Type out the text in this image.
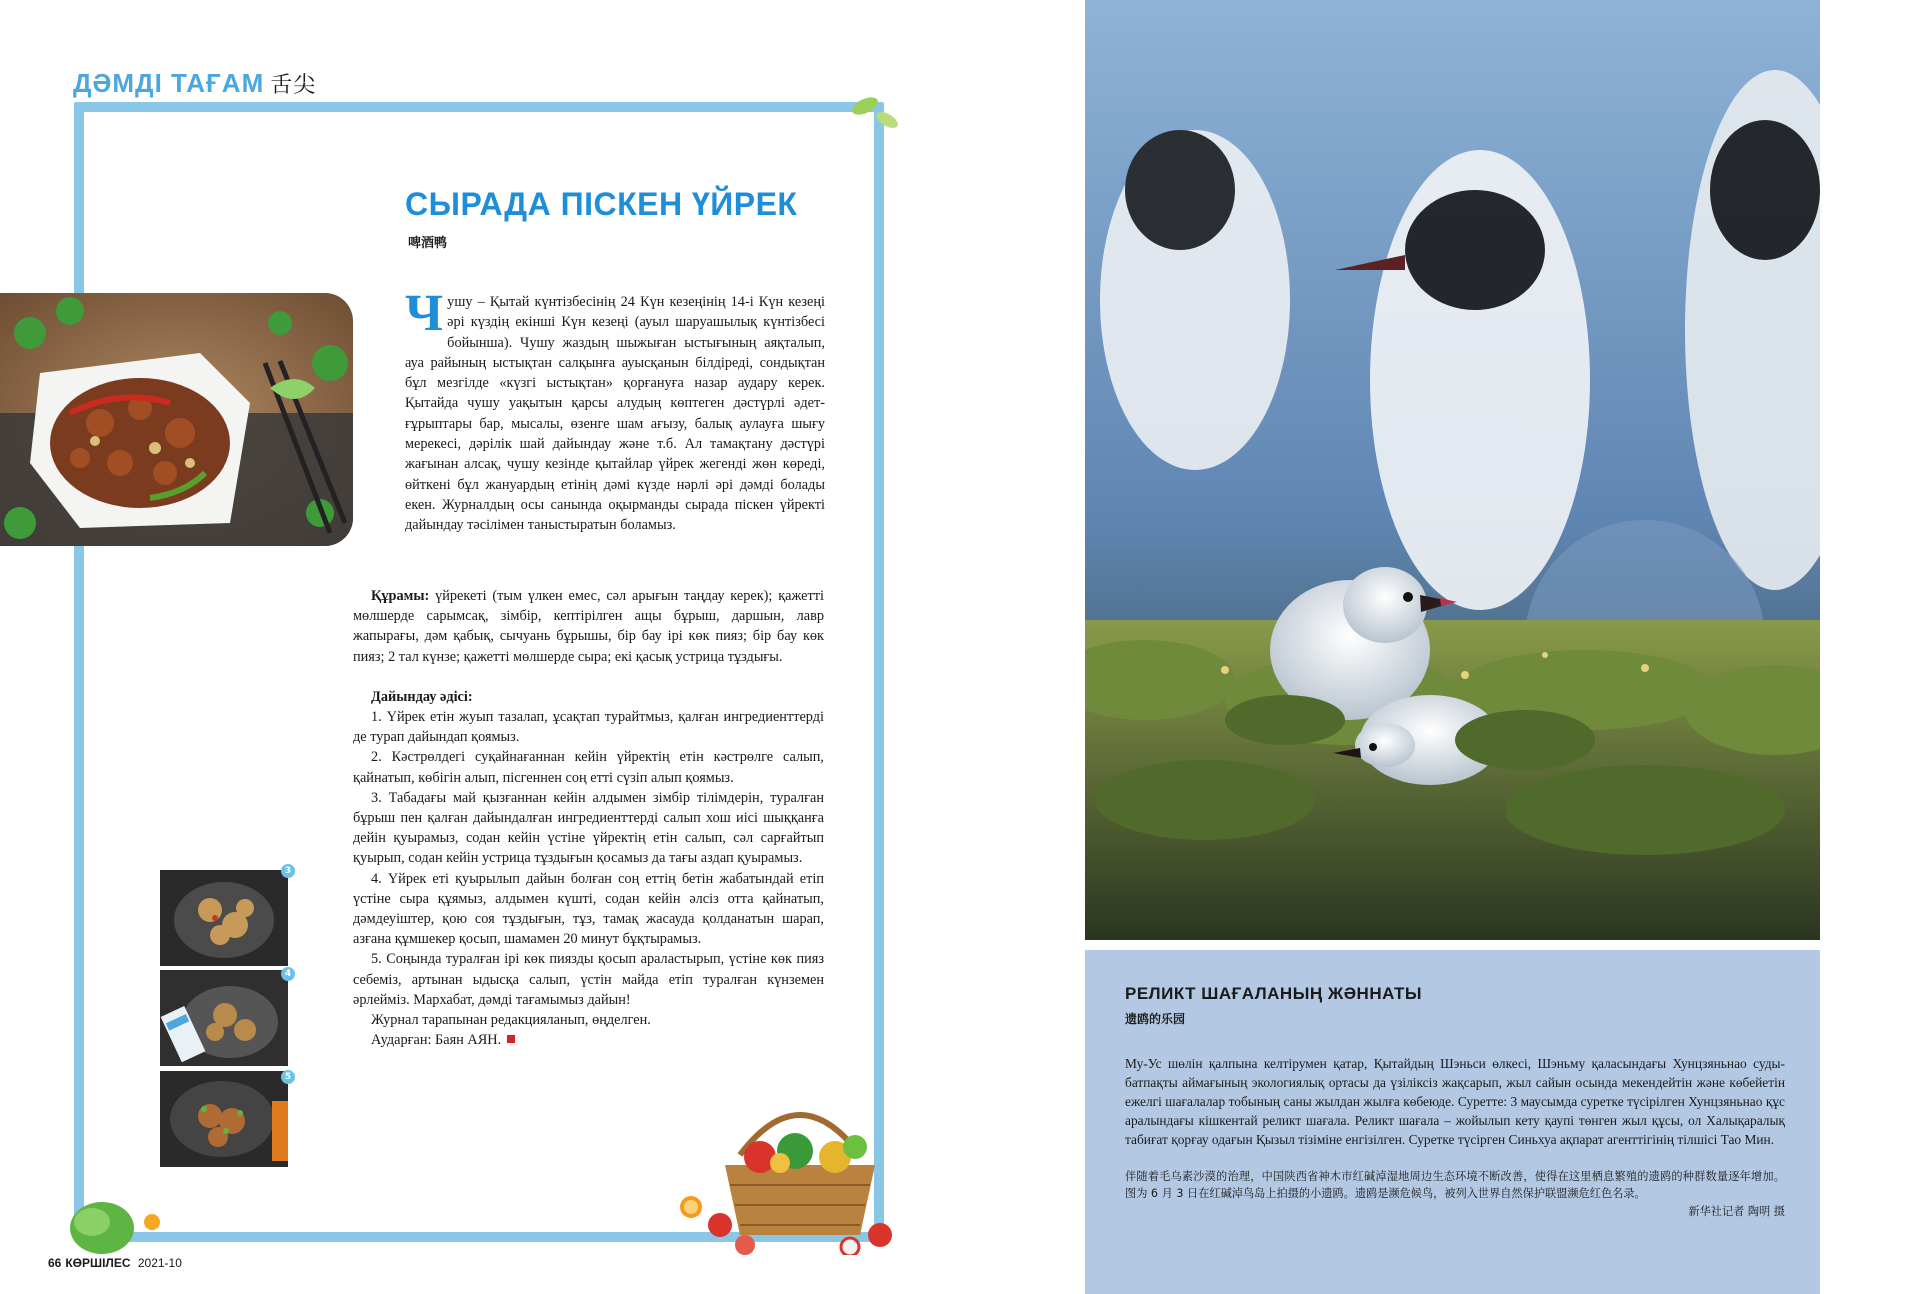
ДӘМДІ ТАҒАМ 舌尖
СЫРАДА ПІСКЕН ҮЙРЕК
啤酒鸭
Чушу – Қытай күнтізбесінің 24 Күн кезеңінің 14-і Күн кезеңі әрі күздің екінші Күн кезеңі (ауыл шаруашылық күнтізбесі бойынша). Чушу жаздың шыжыған ыстығының аяқталып, ауа райының ыстықтан салқынға ауысқанын білдіреді, сондықтан бұл мезгілде «күзгі ыстықтан» қорғануға назар аудару керек. Қытайда чушу уақытын қарсы алудың көптеген дәстүрлі әдет-ғұрыптары бар, мысалы, өзенге шам ағызу, балық аулауға шығу мерекесі, дәрілік шай дайындау және т.б. Ал тамақтану дәстүрі жағынан алсақ, чушу кезінде қытайлар үйрек жегенді жөн көреді, өйткені бұл жануардың етінің дәмі күзде нәрлі әрі дәмді болады екен. Журналдың осы санында оқырманды сырада піскен үйректі дайындау тәсілімен таныстыратын боламыз.

Құрамы: үйрекеті (тым үлкен емес, сәл арығын таңдау керек); қажетті мөлшерде сарымсақ, зімбір, кептірілген ащы бұрыш, даршын, лавр жапырағы, дәм қабық, сычуань бұрышы, бір бау ірі көк пияз; бір бау көк пияз; 2 тал күнзе; қажетті мөлшерде сыра; екі қасық устрица тұздығы.

Дайындау әдісі:

1. Үйрек етін жуып тазалап, ұсақтап турайтмыз, қалған ингредиенттерді де турап дайындап қоямыз.

2. Кәстрөлдегі суқайнағаннан кейін үйректің етін кәстрөлге салып, қайнатып, көбігін алып, пісгеннен соң етті сүзіп алып қоямыз.

3. Табадағы май қызғаннан кейін алдымен зімбір тілімдерін, туралған бұрыш пен қалған дайындалған ингредиенттерді салып хош иісі шыққанға дейін қуырамыз, содан кейін үстіне үйректің етін салып, сәл сарғайтып қуырып, содан кейін устрица тұздығын қосамыз да тағы аздап қуырамыз.

4. Үйрек еті қуырылып дайын болған соң еттің бетін жабатындай етіп үстіне сыра құямыз, алдымен күшті, содан кейін әлсіз отта қайнатып, дәмдеуіштер, қою соя тұздығын, тұз, тамақ жасауда қолданатын шарап, азғана құмшекер қосып, шамамен 20 минут бұқтырамыз.

5. Соңында туралған ірі көк пиязды қосып араластырып, үстіне көк пияз себеміз, артынан ыдысқа салып, үстін майда етіп туралған күнземен әрлейміз. Мархабат, дәмді тағамымыз дайын!

Журнал тарапынан редакцияланып, өңделген.

Аударған: Баян АЯН.

3
4
5
66 КӨРШІЛЕС 2021-10
РЕЛИКТ ШАҒАЛАНЫҢ ЖӘННАТЫ
遗鸥的乐园
Му-Ус шөлін қалпына келтірумен қатар, Қытайдың Шэньси өлкесі, Шэньму қаласындағы Хунцзяньнао суды-батпақты аймағының экологиялық ортасы да үзіліксіз жақсарып, жыл сайын осында мекендейтін және көбейетін ежелгі шағалалар тобының саны жылдан жылға көбеюде. Суретте: 3 маусымда суретке түсірілген Хунцзяньнао құс аралындағы кішкентай реликт шағала. Реликт шағала – жойылып кету қаупі төнген жыл құсы, ол Халықаралық табиғат қорғау одағын Қызыл тізіміне енгізілген. Суретке түсірген Синьхуа ақпарат агенттігінің тілшісі Тао Мин.
伴随着毛乌素沙漠的治理，中国陕西省神木市红碱淖湿地周边生态环境不断改善，使得在这里栖息繁殖的遗鸥的种群数量逐年增加。图为 6 月 3 日在红碱淖鸟岛上拍摄的小遗鸥。遗鸥是濒危候鸟，被列入世界自然保护联盟濒危红色名录。
新华社记者 陶明 摄
